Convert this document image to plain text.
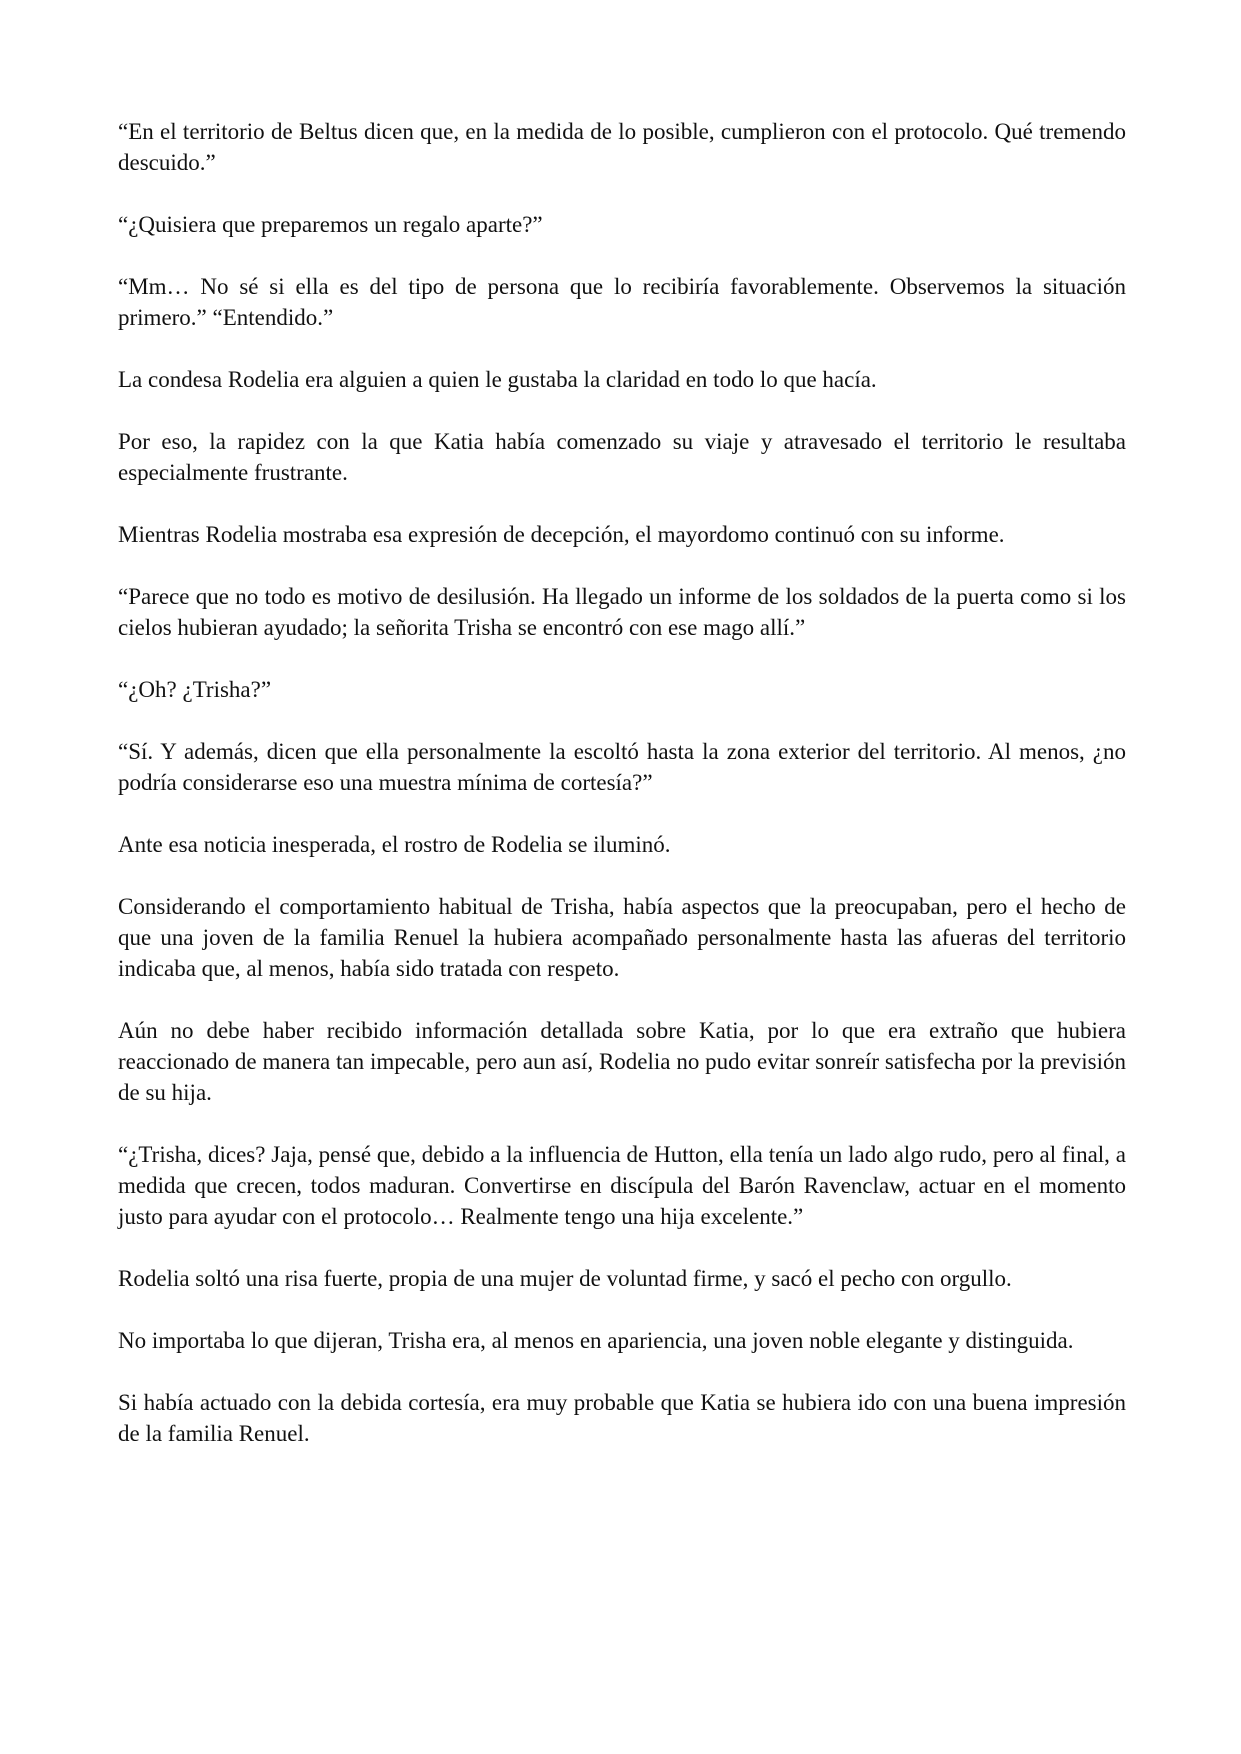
“En el territorio de Beltus dicen que, en la medida de lo posible, cumplieron con el protocolo. Qué tremendo descuido.”

“¿Quisiera que preparemos un regalo aparte?”

“Mm… No sé si ella es del tipo de persona que lo recibiría favorablemente. Observemos la situación primero.” “Entendido.”

La condesa Rodelia era alguien a quien le gustaba la claridad en todo lo que hacía.

Por eso, la rapidez con la que Katia había comenzado su viaje y atravesado el territorio le resultaba especialmente frustrante.

Mientras Rodelia mostraba esa expresión de decepción, el mayordomo continuó con su informe.

“Parece que no todo es motivo de desilusión. Ha llegado un informe de los soldados de la puerta como si los cielos hubieran ayudado; la señorita Trisha se encontró con ese mago allí.”

“¿Oh? ¿Trisha?”

“Sí. Y además, dicen que ella personalmente la escoltó hasta la zona exterior del territorio. Al menos, ¿no podría considerarse eso una muestra mínima de cortesía?”

Ante esa noticia inesperada, el rostro de Rodelia se iluminó.

Considerando el comportamiento habitual de Trisha, había aspectos que la preocupaban, pero el hecho de que una joven de la familia Renuel la hubiera acompañado personalmente hasta las afueras del territorio indicaba que, al menos, había sido tratada con respeto.

Aún no debe haber recibido información detallada sobre Katia, por lo que era extraño que hubiera reaccionado de manera tan impecable, pero aun así, Rodelia no pudo evitar sonreír satisfecha por la previsión de su hija.

“¿Trisha, dices? Jaja, pensé que, debido a la influencia de Hutton, ella tenía un lado algo rudo, pero al final, a medida que crecen, todos maduran. Convertirse en discípula del Barón Ravenclaw, actuar en el momento justo para ayudar con el protocolo… Realmente tengo una hija excelente.”

Rodelia soltó una risa fuerte, propia de una mujer de voluntad firme, y sacó el pecho con orgullo.

No importaba lo que dijeran, Trisha era, al menos en apariencia, una joven noble elegante y distinguida.

Si había actuado con la debida cortesía, era muy probable que Katia se hubiera ido con una buena impresión de la familia Renuel.
